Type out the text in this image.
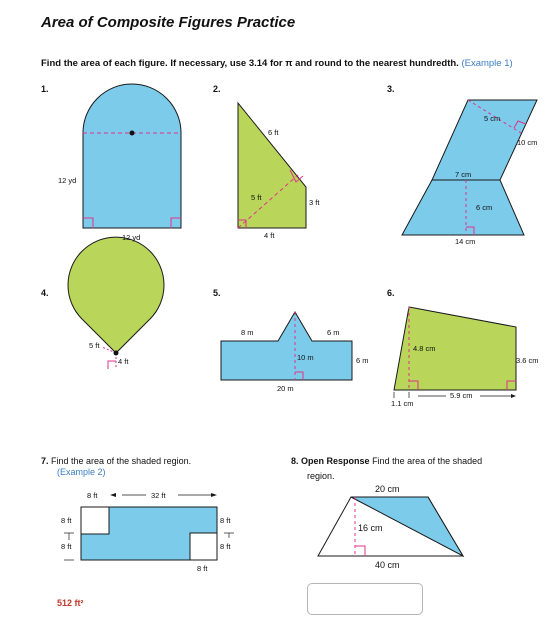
Area of Composite Figures Practice
Find the area of each figure. If necessary, use 3.14 for π and round to the nearest hundredth. (Example 1)
1.	2.	3.
4.	5.	6.
12 yd
12 yd
6 ft
5 ft
3 ft
4 ft
5 cm
10 cm
7 cm
6 cm
14 cm
5 ft
4 ft
8 m	6 m
10 m	6 m
20 m
4.8 cm
3.6 cm
5.9 cm
1.1 cm
7. Find the area of the shaded region.
(Example 2)
8 ft	32 ft
8 ft
8 ft
8 ft
8 ft
8 ft
512 ft²
8. Open Response Find the area of the shaded
region.
20 cm
16 cm
40 cm
